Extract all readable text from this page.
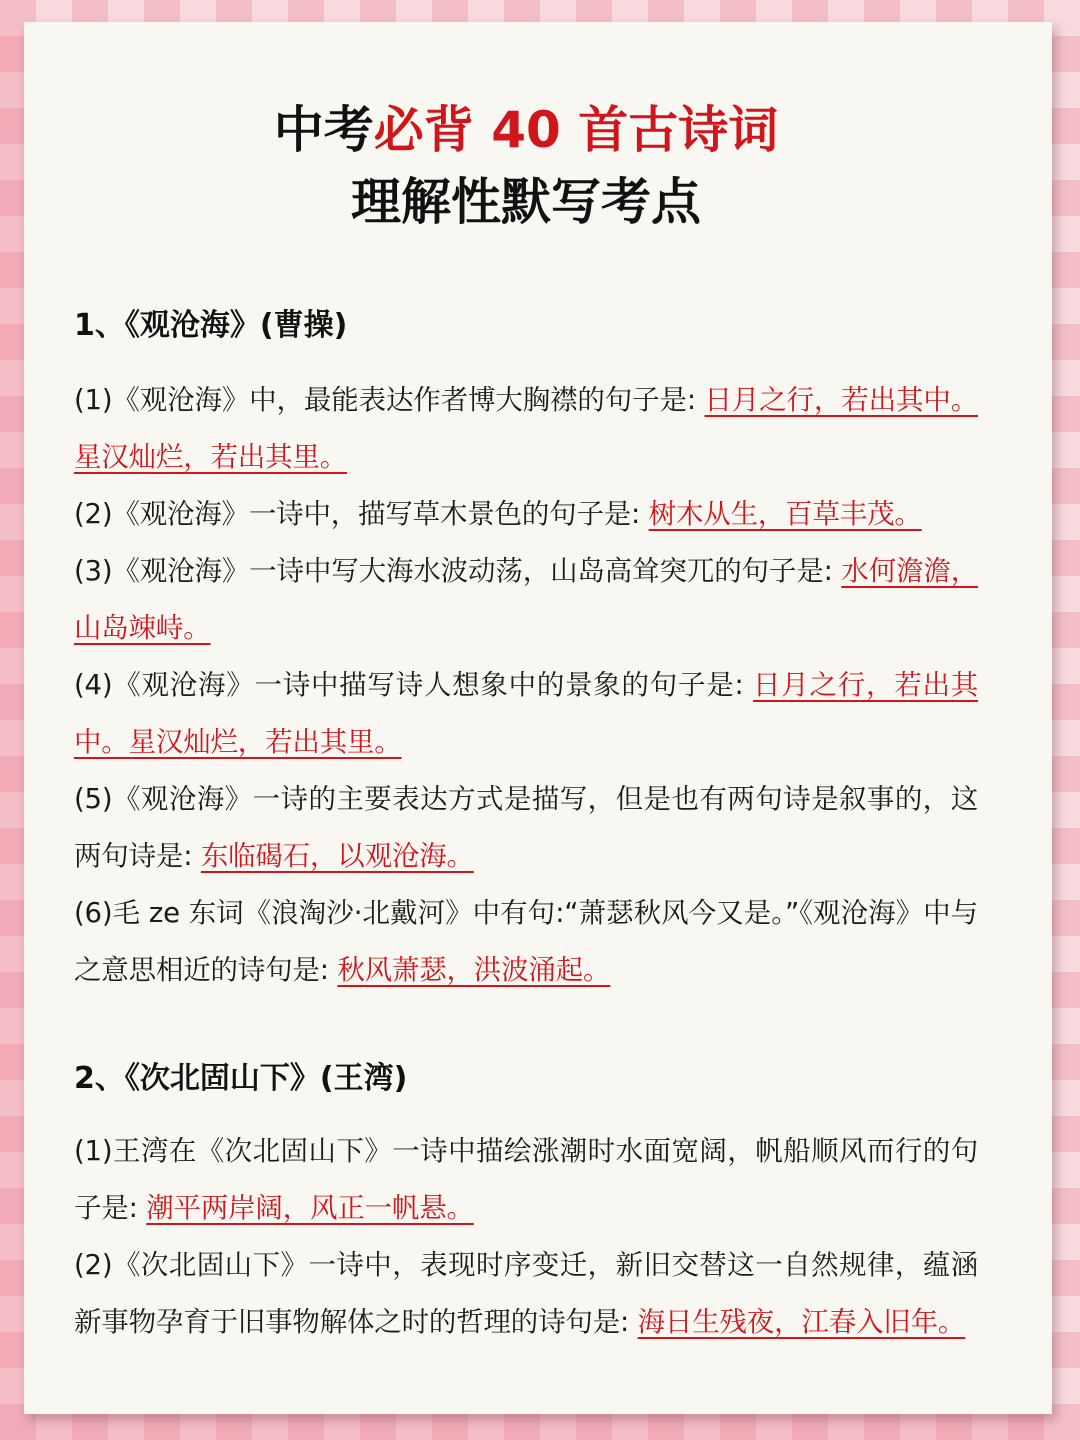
中考必背 40 首古诗词
理解性默写考点
1、《观沧海》(曹操)
(1)《观沧海》中，最能表达作者博大胸襟的句子是: 日月之行，若出其中。星汉灿烂，若出其里。
(2)《观沧海》一诗中，描写草木景色的句子是: 树木从生，百草丰茂。
(3)《观沧海》一诗中写大海水波动荡，山岛高耸突兀的句子是: 水何澹澹，山岛竦峙。
(4)《观沧海》一诗中描写诗人想象中的景象的句子是: 日月之行，若出其中。星汉灿烂，若出其里。
(5)《观沧海》一诗的主要表达方式是描写，但是也有两句诗是叙事的，这两句诗是: 东临碣石，以观沧海。
(6)毛 ze 东词《浪淘沙·北戴河》中有句:“萧瑟秋风今又是。”《观沧海》中与之意思相近的诗句是: 秋风萧瑟，洪波涌起。
2、《次北固山下》(王湾)
(1)王湾在《次北固山下》一诗中描绘涨潮时水面宽阔，帆船顺风而行的句子是: 潮平两岸阔，风正一帆悬。
(2)《次北固山下》一诗中，表现时序变迁，新旧交替这一自然规律，蕴涵新事物孕育于旧事物解体之时的哲理的诗句是: 海日生残夜，江春入旧年。
